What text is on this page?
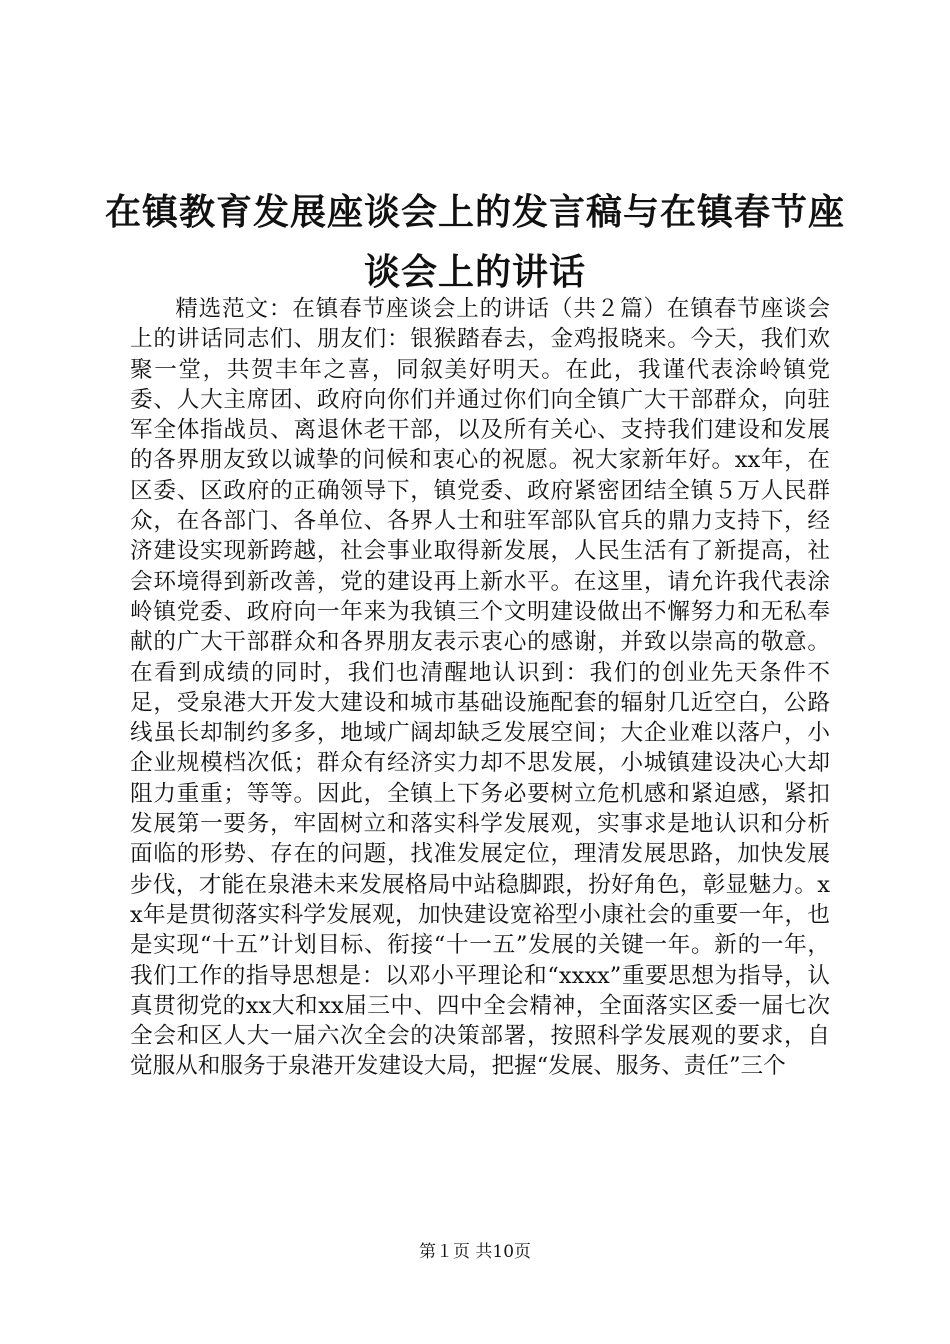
在镇教育发展座谈会上的发言稿与在镇春节座谈会上的讲话

精选范文：在镇春节座谈会上的讲话（共２篇）在镇春节座谈会上的讲话同志们、朋友们：银猴踏春去，金鸡报晓来。今天，我们欢聚一堂，共贺丰年之喜，同叙美好明天。在此，我谨代表涂岭镇党委、人大主席团、政府向你们并通过你们向全镇广大干部群众，向驻军全体指战员、离退休老干部，以及所有关心、支持我们建设和发展的各界朋友致以诚挚的问候和衷心的祝愿。祝大家新年好。xx年，在区委、区政府的正确领导下，镇党委、政府紧密团结全镇５万人民群众，在各部门、各单位、各界人士和驻军部队官兵的鼎力支持下，经济建设实现新跨越，社会事业取得新发展，人民生活有了新提高，社会环境得到新改善，党的建设再上新水平。在这里，请允许我代表涂岭镇党委、政府向一年来为我镇三个文明建设做出不懈努力和无私奉献的广大干部群众和各界朋友表示衷心的感谢，并致以崇高的敬意。在看到成绩的同时，我们也清醒地认识到：我们的创业先天条件不足，受泉港大开发大建设和城市基础设施配套的辐射几近空白，公路线虽长却制约多多，地域广阔却缺乏发展空间；大企业难以落户，小企业规模档次低；群众有经济实力却不思发展，小城镇建设决心大却阻力重重；等等。因此，全镇上下务必要树立危机感和紧迫感，紧扣发展第一要务，牢固树立和落实科学发展观，实事求是地认识和分析面临的形势、存在的问题，找准发展定位，理清发展思路，加快发展步伐，才能在泉港未来发展格局中站稳脚跟，扮好角色，彰显魅力。xx年是贯彻落实科学发展观，加快建设宽裕型小康社会的重要一年，也是实现“十五”计划目标、衔接“十一五”发展的关键一年。新的一年，我们工作的指导思想是：以邓小平理论和“xxxx”重要思想为指导，认真贯彻党的xx大和xx届三中、四中全会精神，全面落实区委一届七次全会和区人大一届六次全会的决策部署，按照科学发展观的要求，自觉服从和服务于泉港开发建设大局，把握“发展、服务、责任”三个

第１页 共10页
